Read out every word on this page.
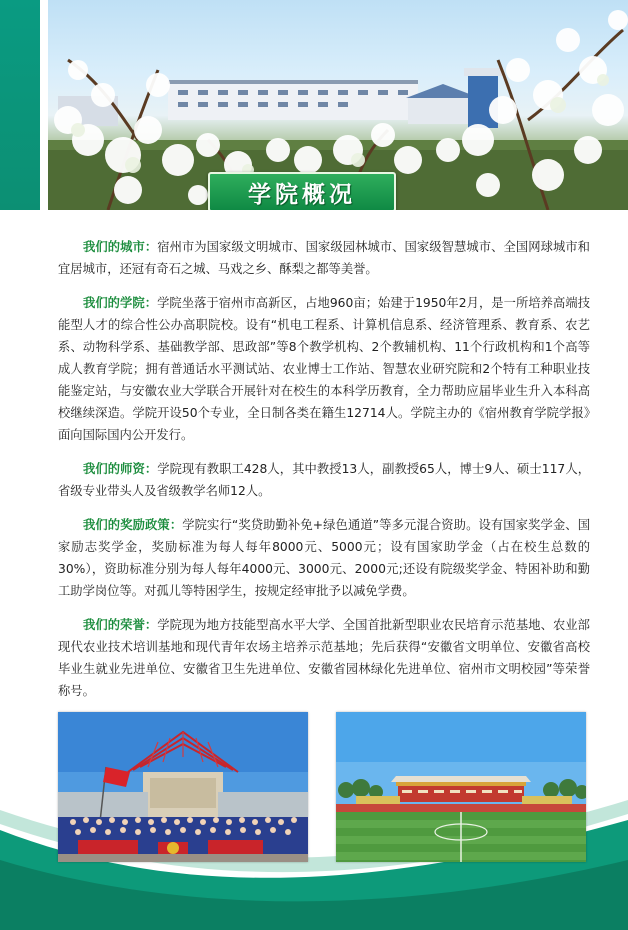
学院概况

我们的城市：宿州市为国家级文明城市、国家级园林城市、国家级智慧城市、全国网球城市和宜居城市，还冠有奇石之城、马戏之乡、酥梨之都等美誉。

我们的学院：学院坐落于宿州市高新区，占地960亩；始建于1950年2月，是一所培养高端技能型人才的综合性公办高职院校。设有“机电工程系、计算机信息系、经济管理系、教育系、农艺系、动物科学系、基础教学部、思政部”等8个教学机构、2个教辅机构、11个行政机构和1个高等成人教育学院；拥有普通话水平测试站、农业博士工作站、智慧农业研究院和2个特有工种职业技能鉴定站，与安徽农业大学联合开展针对在校生的本科学历教育，全力帮助应届毕业生升入本科高校继续深造。学院开设50个专业，全日制各类在籍生12714人。学院主办的《宿州教育学院学报》面向国际国内公开发行。

我们的师资：学院现有教职工428人，其中教授13人，副教授65人，博士9人、硕士117人，省级专业带头人及省级教学名师12人。

我们的奖励政策：学院实行“奖贷助勤补免+绿色通道”等多元混合资助。设有国家奖学金、国家励志奖学金，奖励标准为每人每年8000元、5000元；设有国家助学金（占在校生总数的30%），资助标准分别为每人每年4000元、3000元、2000元;还设有院级奖学金、特困补助和勤工助学岗位等。对孤儿等特困学生，按规定经审批予以减免学费。

我们的荣誉：学院现为地方技能型高水平大学、全国首批新型职业农民培育示范基地、农业部现代农业技术培训基地和现代青年农场主培养示范基地；先后获得“安徽省文明单位、安徽省高校毕业生就业先进单位、安徽省卫生先进单位、安徽省园林绿化先进单位、宿州市文明校园”等荣誉称号。
